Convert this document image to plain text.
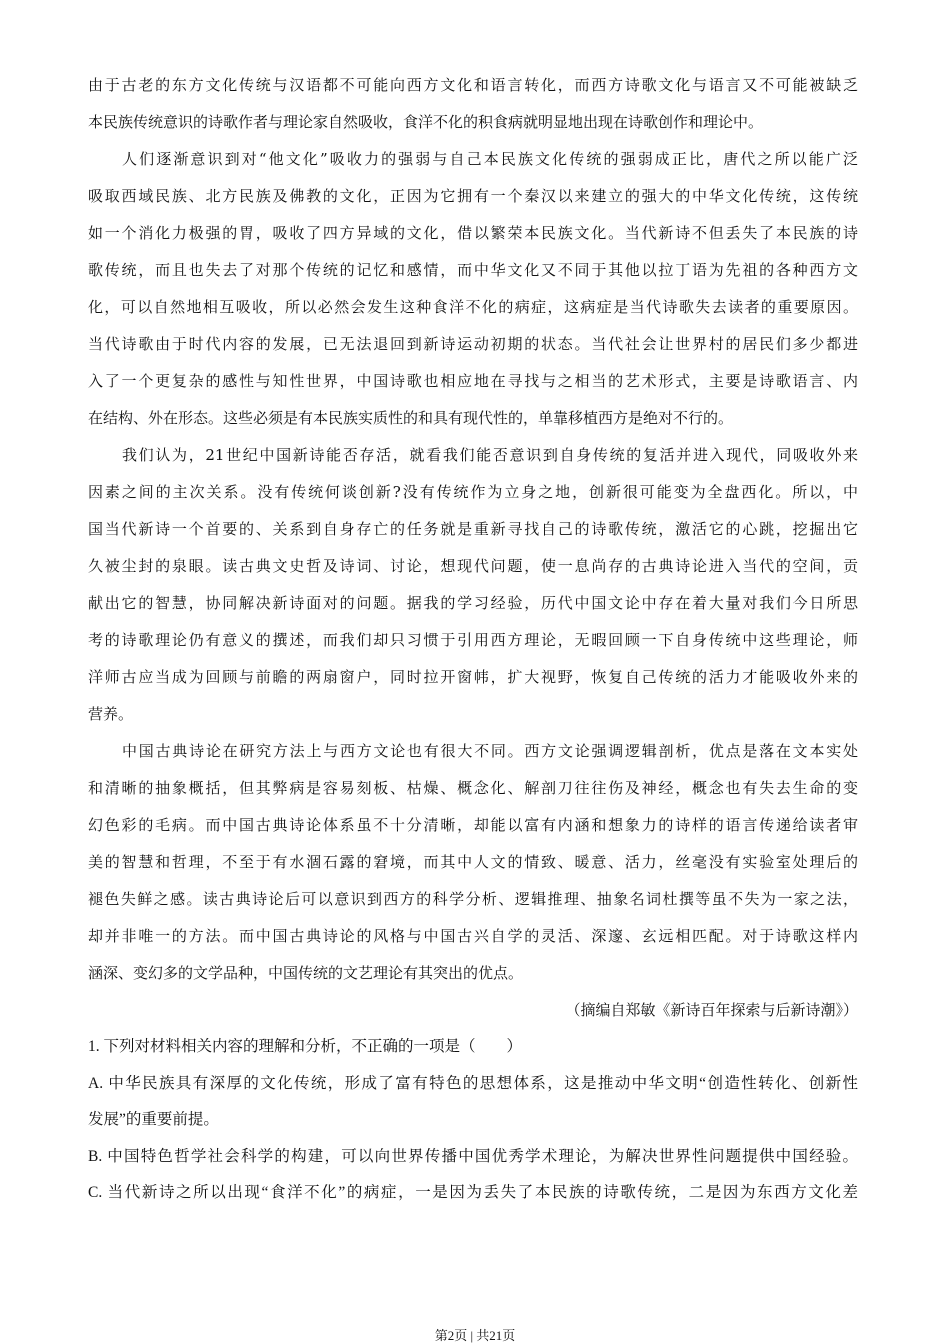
由于古老的东方文化传统与汉语都不可能向西方文化和语言转化，而西方诗歌文化与语言又不可能被缺乏
本民族传统意识的诗歌作者与理论家自然吸收，食洋不化的积食病就明显地出现在诗歌创作和理论中。
人们逐渐意识到对“他文化”吸收力的强弱与自己本民族文化传统的强弱成正比，唐代之所以能广泛
吸取西域民族、北方民族及佛教的文化，正因为它拥有一个秦汉以来建立的强大的中华文化传统，这传统
如一个消化力极强的胃，吸收了四方异域的文化，借以繁荣本民族文化。当代新诗不但丢失了本民族的诗
歌传统，而且也失去了对那个传统的记忆和感情，而中华文化又不同于其他以拉丁语为先祖的各种西方文
化，可以自然地相互吸收，所以必然会发生这种食洋不化的病症，这病症是当代诗歌失去读者的重要原因。
当代诗歌由于时代内容的发展，已无法退回到新诗运动初期的状态。当代社会让世界村的居民们多少都进
入了一个更复杂的感性与知性世界，中国诗歌也相应地在寻找与之相当的艺术形式，主要是诗歌语言、内
在结构、外在形态。这些必须是有本民族实质性的和具有现代性的，单靠移植西方是绝对不行的。
我们认为，21世纪中国新诗能否存活，就看我们能否意识到自身传统的复活并进入现代，同吸收外来
因素之间的主次关系。没有传统何谈创新?没有传统作为立身之地，创新很可能变为全盘西化。所以，中
国当代新诗一个首要的、关系到自身存亡的任务就是重新寻找自己的诗歌传统，激活它的心跳，挖掘出它
久被尘封的泉眼。读古典文史哲及诗词、讨论，想现代问题，使一息尚存的古典诗论进入当代的空间，贡
献出它的智慧，协同解决新诗面对的问题。据我的学习经验，历代中国文论中存在着大量对我们今日所思
考的诗歌理论仍有意义的撰述，而我们却只习惯于引用西方理论，无暇回顾一下自身传统中这些理论，师
洋师古应当成为回顾与前瞻的两扇窗户，同时拉开窗帏，扩大视野，恢复自己传统的活力才能吸收外来的
营养。
中国古典诗论在研究方法上与西方文论也有很大不同。西方文论强调逻辑剖析，优点是落在文本实处
和清晰的抽象概括，但其弊病是容易刻板、枯燥、概念化、解剖刀往往伤及神经，概念也有失去生命的变
幻色彩的毛病。而中国古典诗论体系虽不十分清晰，却能以富有内涵和想象力的诗样的语言传递给读者审
美的智慧和哲理，不至于有水涸石露的窘境，而其中人文的情致、暖意、活力，丝毫没有实验室处理后的
褪色失鲜之感。读古典诗论后可以意识到西方的科学分析、逻辑推理、抽象名词杜撰等虽不失为一家之法，
却并非唯一的方法。而中国古典诗论的风格与中国古兴自学的灵活、深邃、玄远相匹配。对于诗歌这样内
涵深、变幻多的文学品种，中国传统的文艺理论有其突出的优点。
（摘编自郑敏《新诗百年探索与后新诗潮》）
1. 下列对材料相关内容的理解和分析，不正确的一项是（　　）
A. 中华民族具有深厚的文化传统，形成了富有特色的思想体系，这是推动中华文明“创造性转化、创新性
发展”的重要前提。
B. 中国特色哲学社会科学的构建，可以向世界传播中国优秀学术理论，为解决世界性问题提供中国经验。
C. 当代新诗之所以出现“食洋不化”的病症，一是因为丢失了本民族的诗歌传统，二是因为东西方文化差
第2页 | 共21页
